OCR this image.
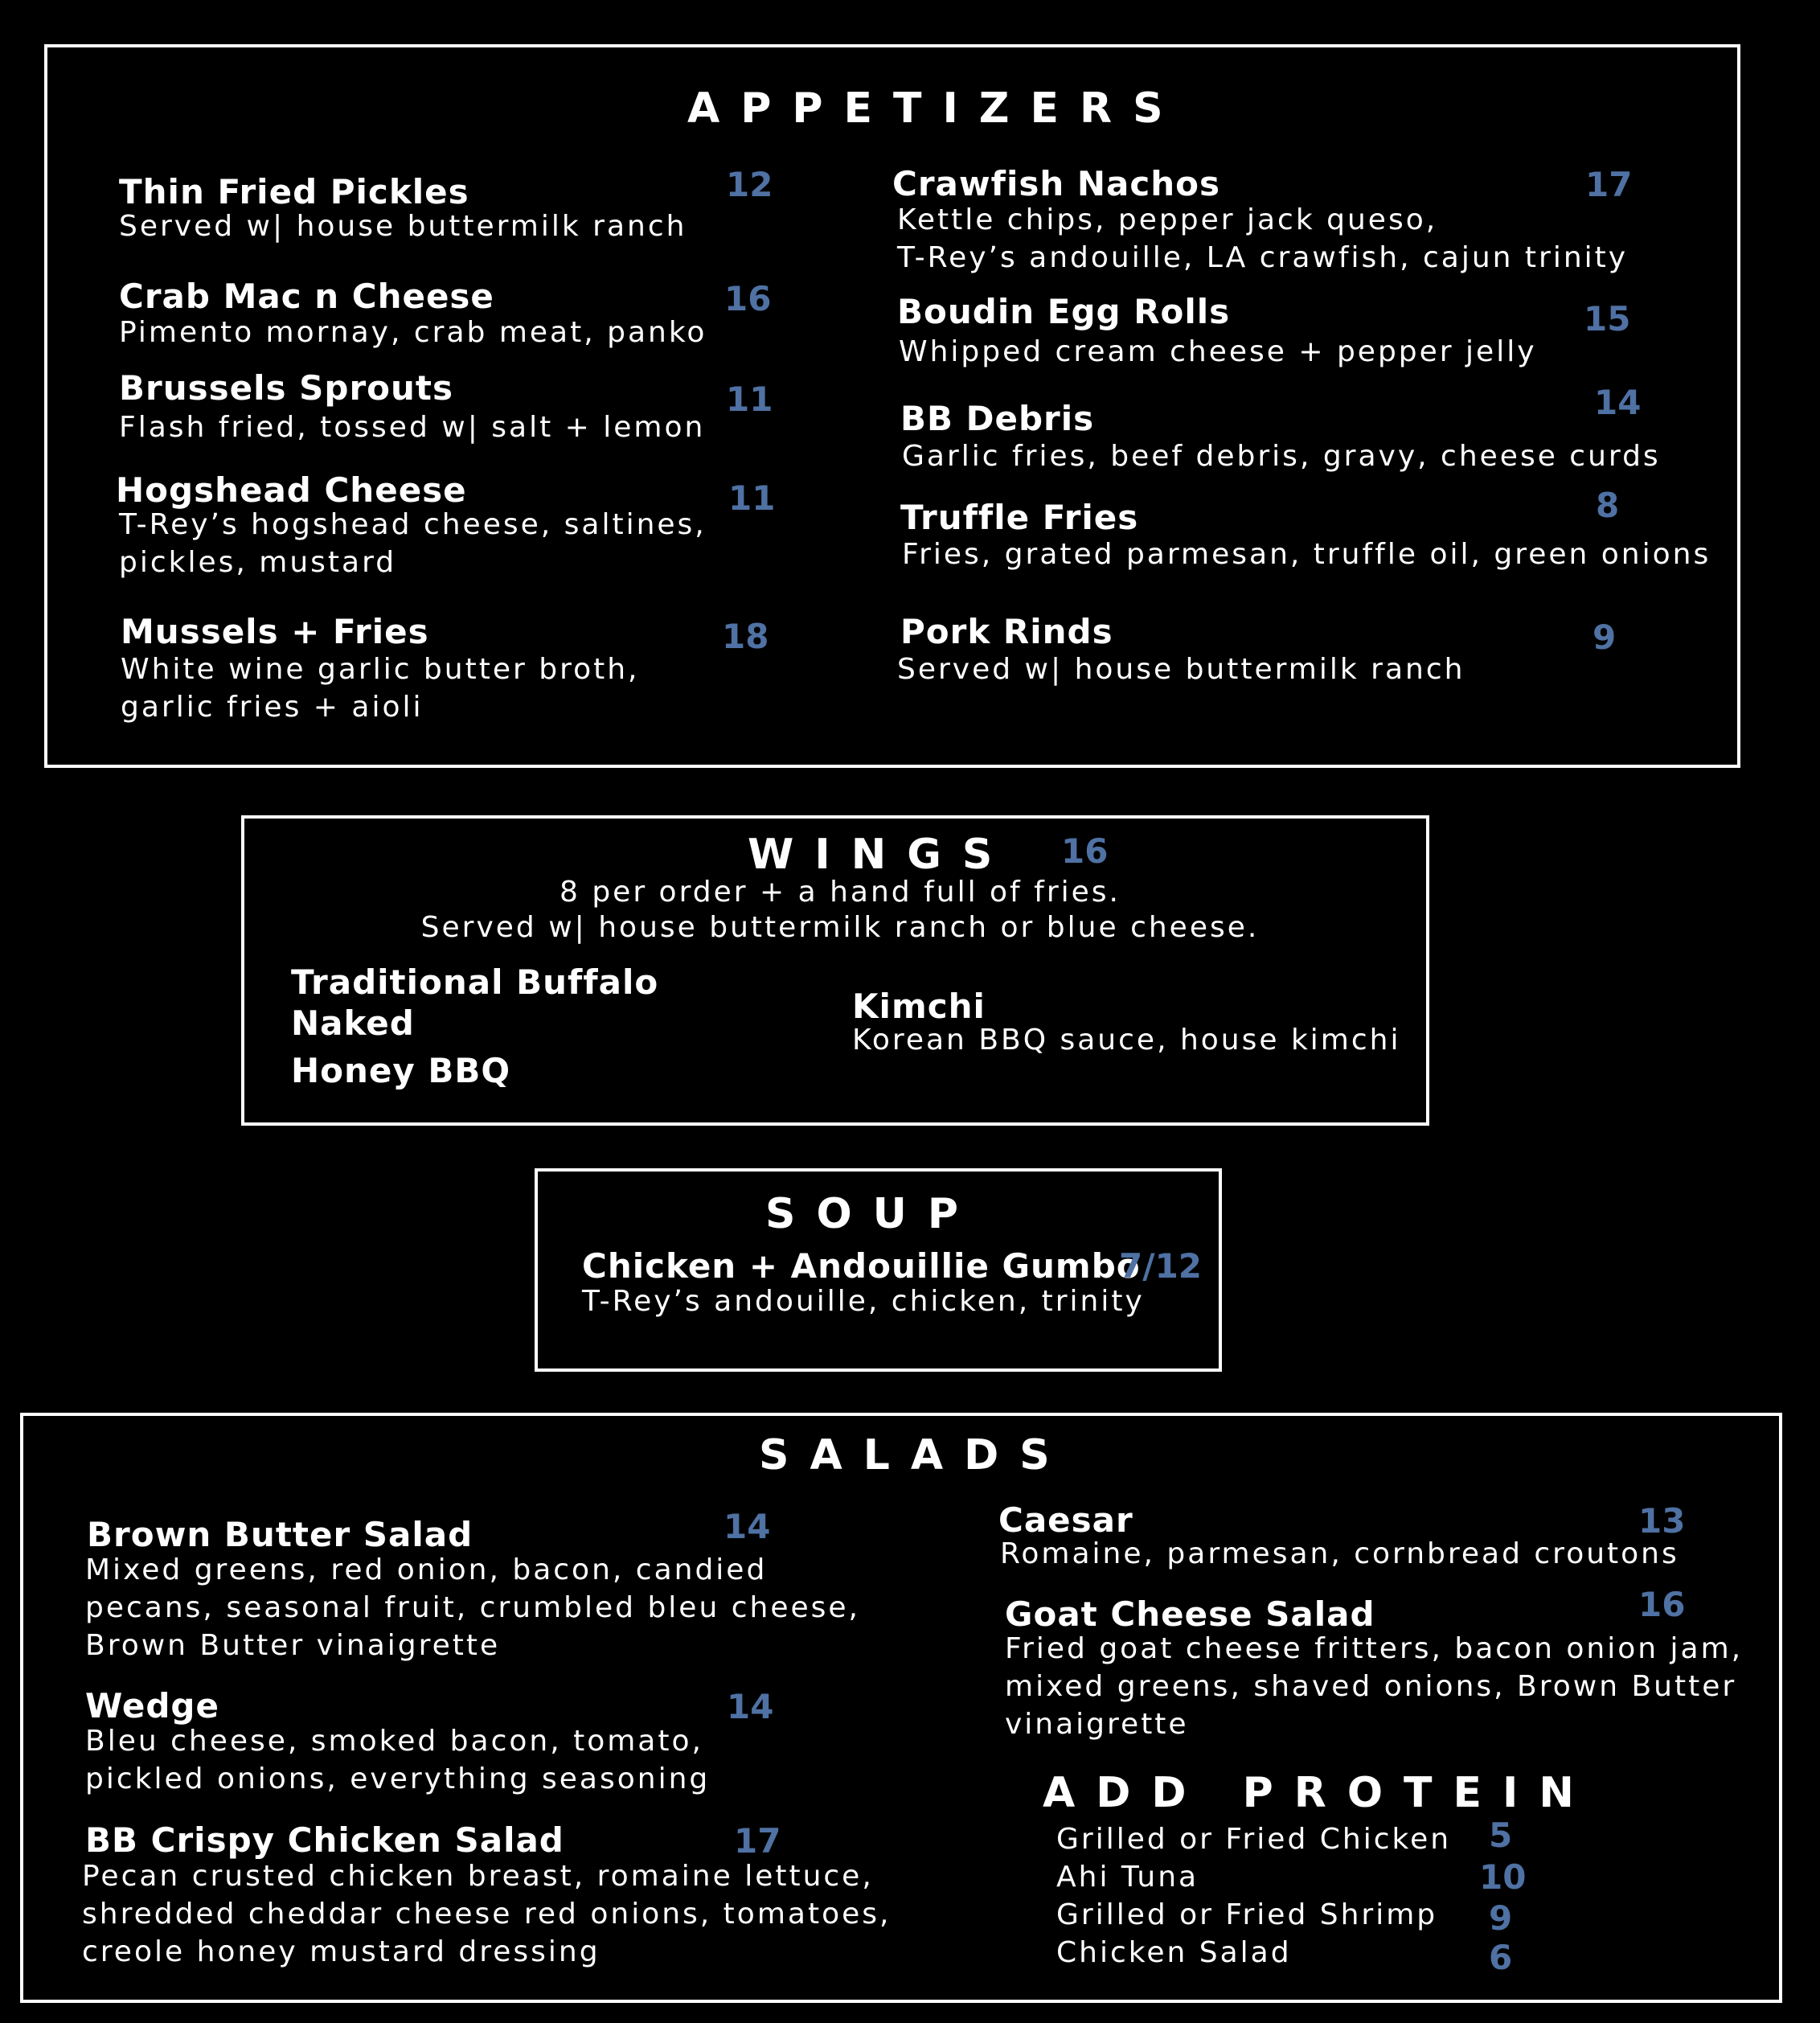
APPETIZERS
Thin Fried Pickles
Served w| house buttermilk ranch
12
Crab Mac n Cheese
Pimento mornay, crab meat, panko
16
Brussels Sprouts
Flash fried, tossed w| salt + lemon
11
Hogshead Cheese
T-Rey’s hogshead cheese, saltines,
pickles, mustard
11
Mussels + Fries
White wine garlic butter broth,
garlic fries + aioli
18
Crawfish Nachos
Kettle chips, pepper jack queso,
T-Rey’s andouille, LA crawfish, cajun trinity
17
Boudin Egg Rolls
Whipped cream cheese + pepper jelly
15
BB Debris
Garlic fries, beef debris, gravy, cheese curds
14
Truffle Fries
Fries, grated parmesan, truffle oil, green onions
8
Pork Rinds
Served w| house buttermilk ranch
9
WINGS 16
8 per order + a hand full of fries.
Served w| house buttermilk ranch or blue cheese.
Traditional Buffalo
Naked
Honey BBQ
Kimchi
Korean BBQ sauce, house kimchi
SOUP
Chicken + Andouillie Gumbo
7/12
T-Rey’s andouille, chicken, trinity
SALADS
Brown Butter Salad
Mixed greens, red onion, bacon, candied
pecans, seasonal fruit, crumbled bleu cheese,
Brown Butter vinaigrette
14
Wedge
Bleu cheese, smoked bacon, tomato,
pickled onions, everything seasoning
14
BB Crispy Chicken Salad
Pecan crusted chicken breast, romaine lettuce,
shredded cheddar cheese red onions, tomatoes,
creole honey mustard dressing
17
Caesar
Romaine, parmesan, cornbread croutons
13
Goat Cheese Salad
Fried goat cheese fritters, bacon onion jam,
mixed greens, shaved onions, Brown Butter
vinaigrette
16
ADD PROTEIN
Grilled or Fried Chicken 5
Ahi Tuna	10
Grilled or Fried Shrimp 9
Chicken Salad	6
